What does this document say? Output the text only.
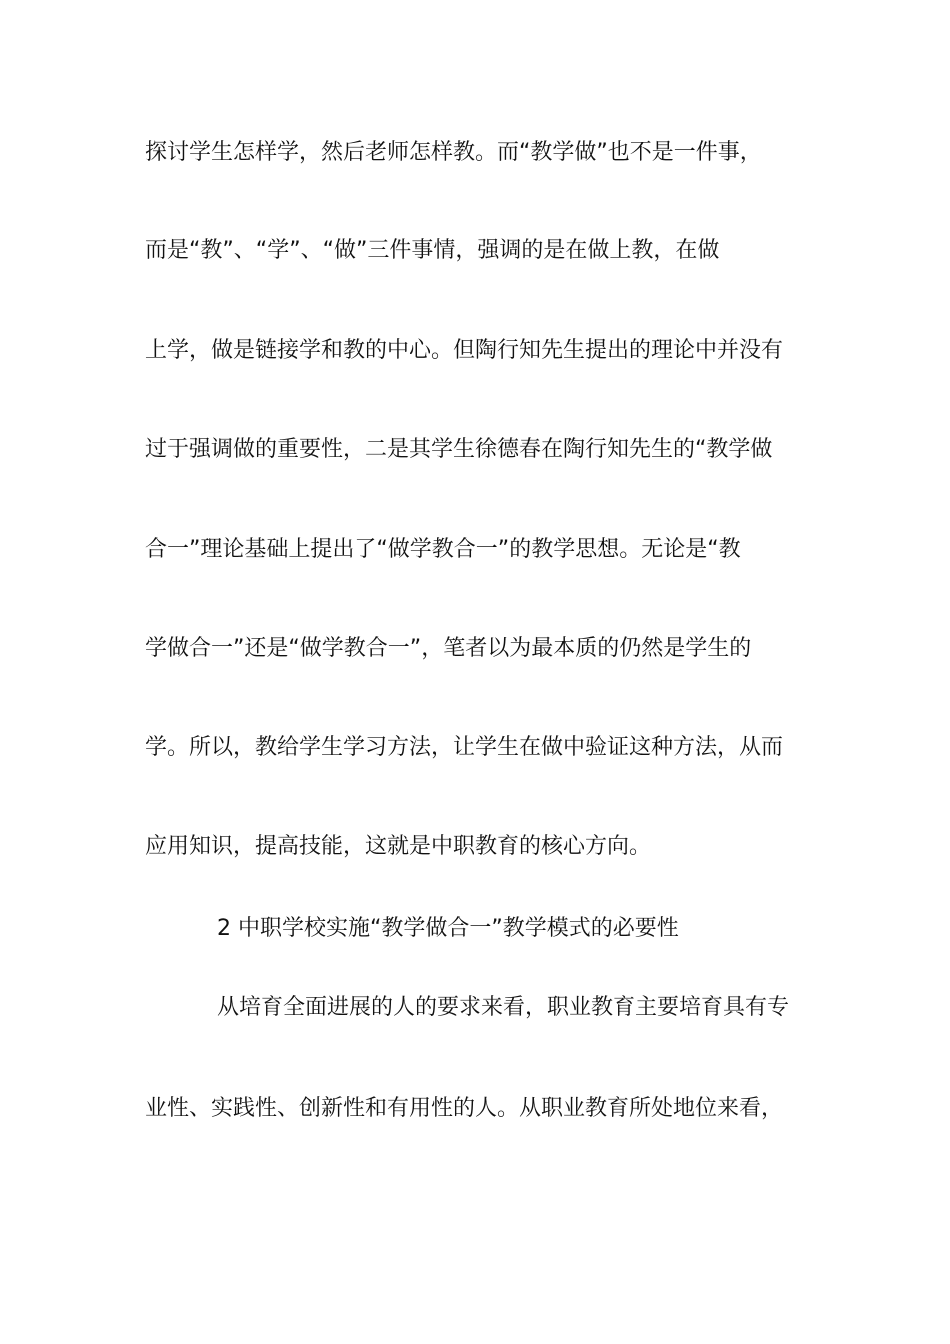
探讨学生怎样学，然后老师怎样教。而“教学做”也不是一件事，
而是“教”、“学”、“做”三件事情，强调的是在做上教，在做
上学，做是链接学和教的中心。但陶行知先生提出的理论中并没有
过于强调做的重要性，二是其学生徐德春在陶行知先生的“教学做
合一”理论基础上提出了“做学教合一”的教学思想。无论是“教
学做合一”还是“做学教合一”，笔者以为最本质的仍然是学生的
学。所以，教给学生学习方法，让学生在做中验证这种方法，从而
应用知识，提高技能，这就是中职教育的核心方向。
2 中职学校实施“教学做合一”教学模式的必要性
从培育全面进展的人的要求来看，职业教育主要培育具有专
业性、实践性、创新性和有用性的人。从职业教育所处地位来看，
